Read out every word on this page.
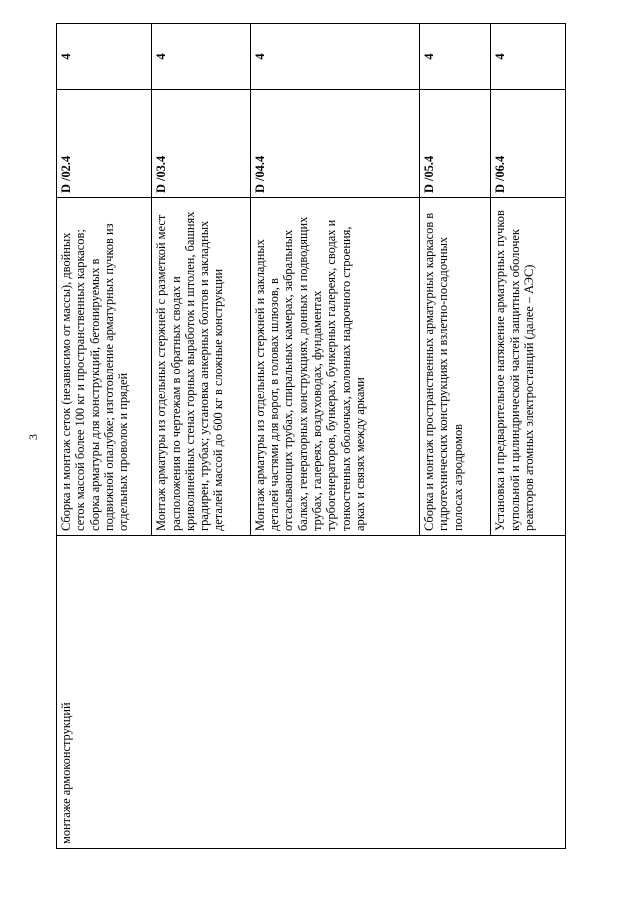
3
монтаже армоконструкций	Сборка и монтаж сеток (независимо от массы), двойных сеток массой более 100 кг и пространственных каркасов; сборка арматуры для конструкций, бетонируемых в подвижной опалубке; изготовление арматурных пучков из отдельных проволок и прядей	D /02.4	4
	Монтаж арматуры из отдельных стержней с разметкой мест расположения по чертежам в обратных сводах и криволинейных стенах горных выработок и штолен, башнях градирен, трубах; установка анкерных болтов и закладных деталей массой до 600 кг в сложные конструкции	D /03.4	4
	Монтаж арматуры из отдельных стержней и закладных деталей частями для ворот, в головах шлюзов, в отсасывающих трубах, спиральных камерах, забральных балках, генераторных конструкциях, донных и подводящих трубах, галереях, воздуховодах, фундаментах турбогенераторов, бункерах, бункерных галереях, сводах и тонкостенных оболочках, колоннах надрочного строения, арках и связях между арками	D /04.4	4
	Сборка и монтаж пространственных арматурных каркасов в гидротехнических конструкциях и взлетно-посадочных полосах аэродромов	D /05.4	4
	Установка и предварительное натяжение арматурных пучков купольной и цилиндрической частей защитных оболочек реакторов атомных электростанций (далее – АЭС)	D /06.4	4
